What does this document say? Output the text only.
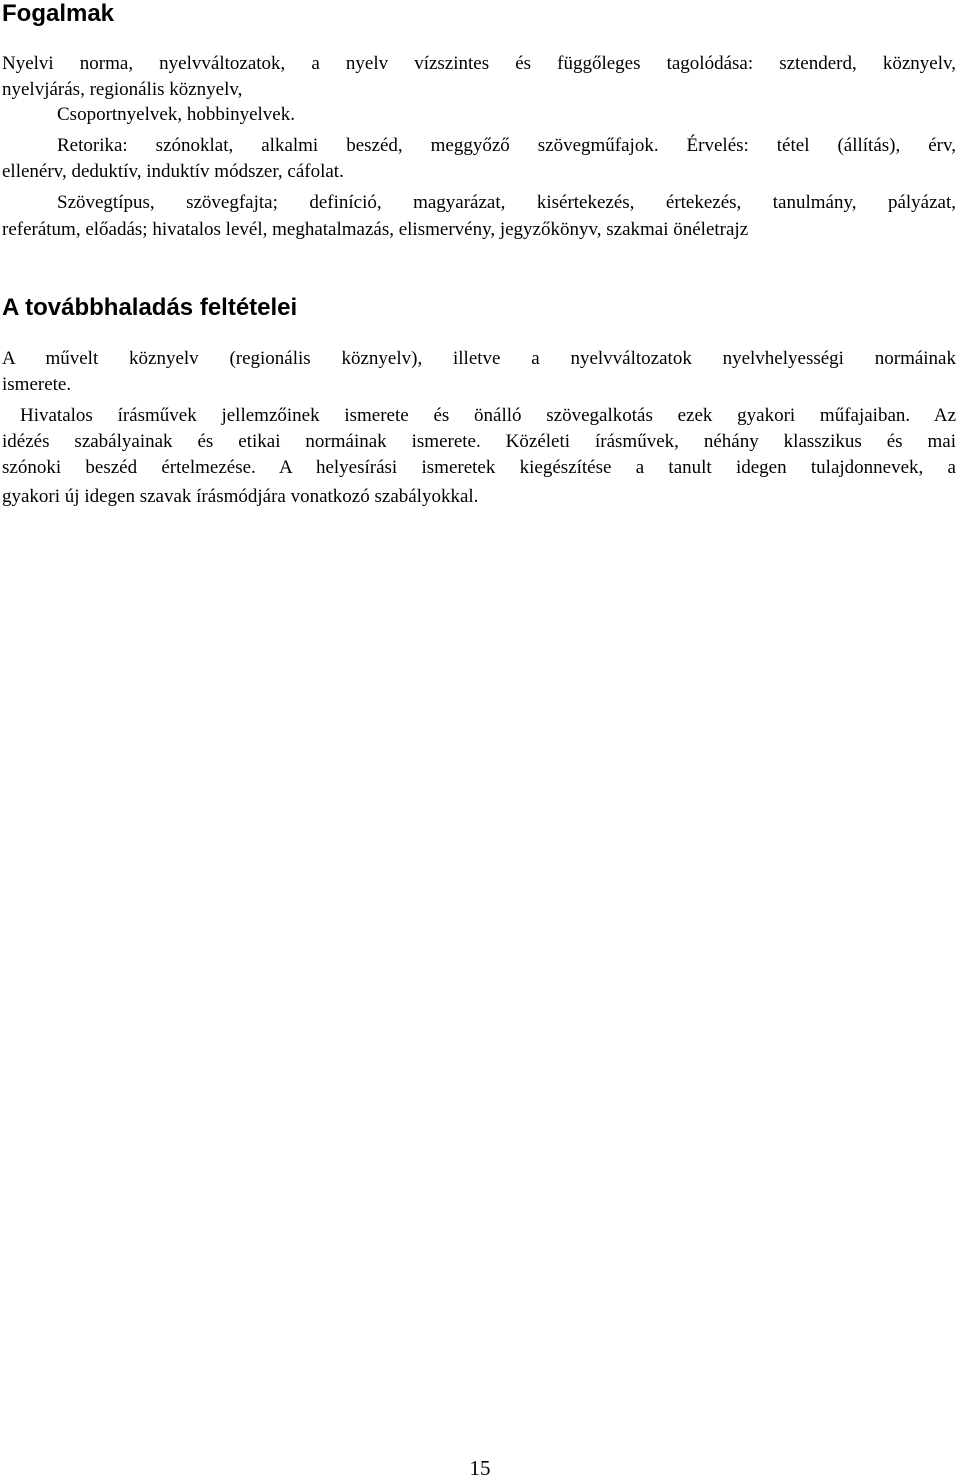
Fogalmak

Nyelvi norma, nyelvváltozatok, a nyelv vízszintes és függőleges tagolódása: sztenderd, köznyelv,

nyelvjárás, regionális köznyelv,

Csoportnyelvek, hobbinyelvek.

Retorika: szónoklat, alkalmi beszéd, meggyőző szövegműfajok. Érvelés: tétel (állítás), érv,

ellenérv, deduktív, induktív módszer, cáfolat.

Szövegtípus, szövegfajta; definíció, magyarázat, kisértekezés, értekezés, tanulmány, pályázat,

referátum, előadás; hivatalos levél, meghatalmazás, elismervény, jegyzőkönyv, szakmai önéletrajz

A továbbhaladás feltételei

A művelt köznyelv (regionális köznyelv), illetve a nyelvváltozatok nyelvhelyességi normáinak

ismerete.

Hivatalos írásművek jellemzőinek ismerete és önálló szövegalkotás ezek gyakori műfajaiban. Az

idézés szabályainak és etikai normáinak ismerete. Közéleti írásművek, néhány klasszikus és mai

szónoki beszéd értelmezése. A helyesírási ismeretek kiegészítése a tanult idegen tulajdonnevek, a

gyakori új idegen szavak írásmódjára vonatkozó szabályokkal.

15
